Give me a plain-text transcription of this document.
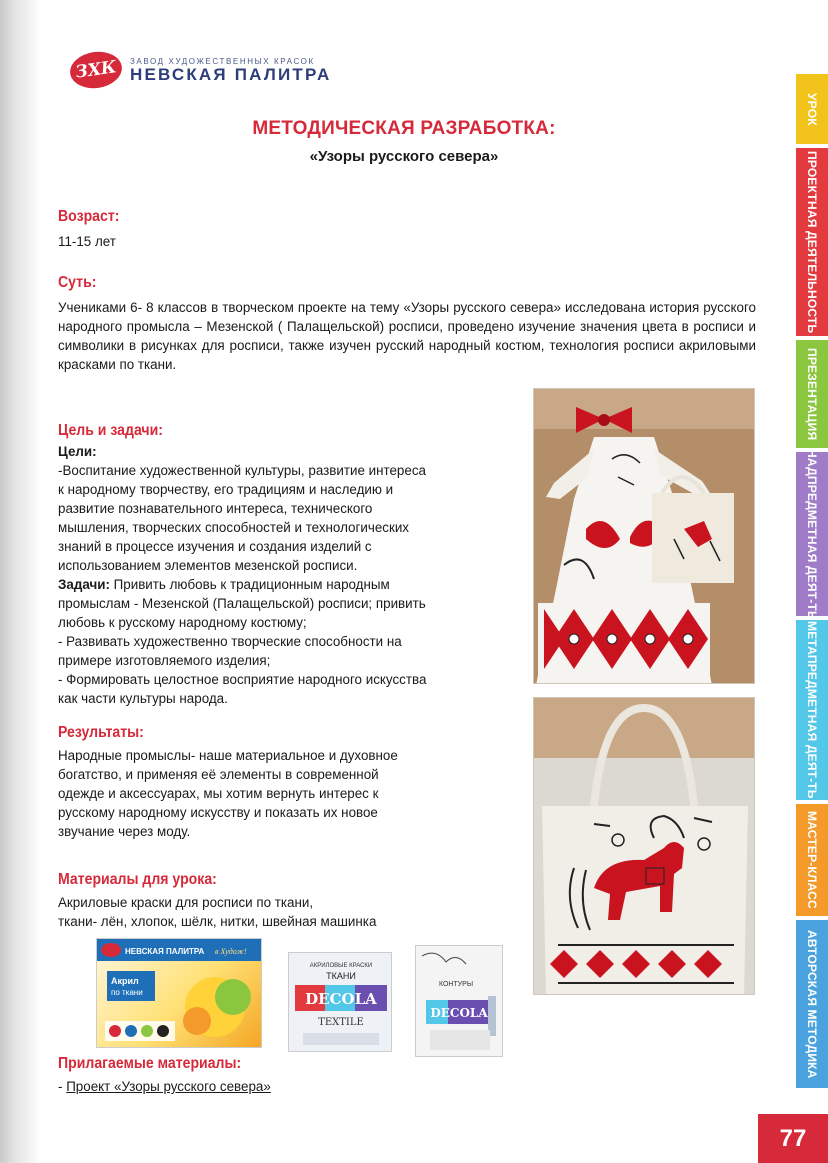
ЗХК	ЗАВОД ХУДОЖЕСТВЕННЫХ КРАСОК
НЕВСКАЯ ПАЛИТРА
МЕТОДИЧЕСКАЯ РАЗРАБОТКА:
«Узоры русского севера»
Возраст:
11-15 лет
Суть:
Учениками 6- 8 классов в творческом проекте на тему «Узоры русского севера» исследована история русского народного промысла – Мезенской ( Палащельской) росписи, проведено изучение значения цвета в росписи и символики в рисунках для росписи, также изучен русский народный костюм, технология росписи акриловыми красками по ткани.
Цель и задачи:
Цели:
-Воспитание художественной культуры, развитие интереса
к народному творчеству, его традициям и наследию и
развитие познавательного интереса, технического
мышления, творческих способностей и технологических
знаний в процессе изучения и создания изделий с
использованием элементов мезенской росписи.
Задачи: Привить любовь к традиционным народным
промыслам - Мезенской (Палащельской) росписи; привить
любовь к русскому народному костюму;
- Развивать художественно творческие способности на
примере изготовляемого изделия;
- Формировать целостное восприятие народного искусства
как части культуры народа.
Результаты:
Народные промыслы- наше материальное и духовное
богатство, и применяя её элементы в современной
одежде и аксессуарах, мы хотим вернуть интерес к
русскому народному искусству и показать их новое
звучание через моду.
Материалы для урока:
Акриловые краски для росписи по ткани,
ткани- лён, хлопок, шёлк, нитки, швейная машинка
НЕВСКАЯ ПАЛИТРА в Худож!
Акрил
по ткани
АКРИЛОВЫЕ КРАСКИ
ТКАНИ
DECOLA
TEXTILE
КОНТУРЫ
DECOLA
Прилагаемые материалы:
- Проект «Узоры русского севера»
УРОК
ПРОЕКТНАЯ ДЕЯТЕЛЬНОСТЬ
ПРЕЗЕНТАЦИЯ
НАДПРЕДМЕТНАЯ ДЕЯТ-ТЬ
МЕТАПРЕДМЕТНАЯ ДЕЯТ-ТЬ
МАСТЕР-КЛАСС
АВТОРСКАЯ МЕТОДИКА
77
